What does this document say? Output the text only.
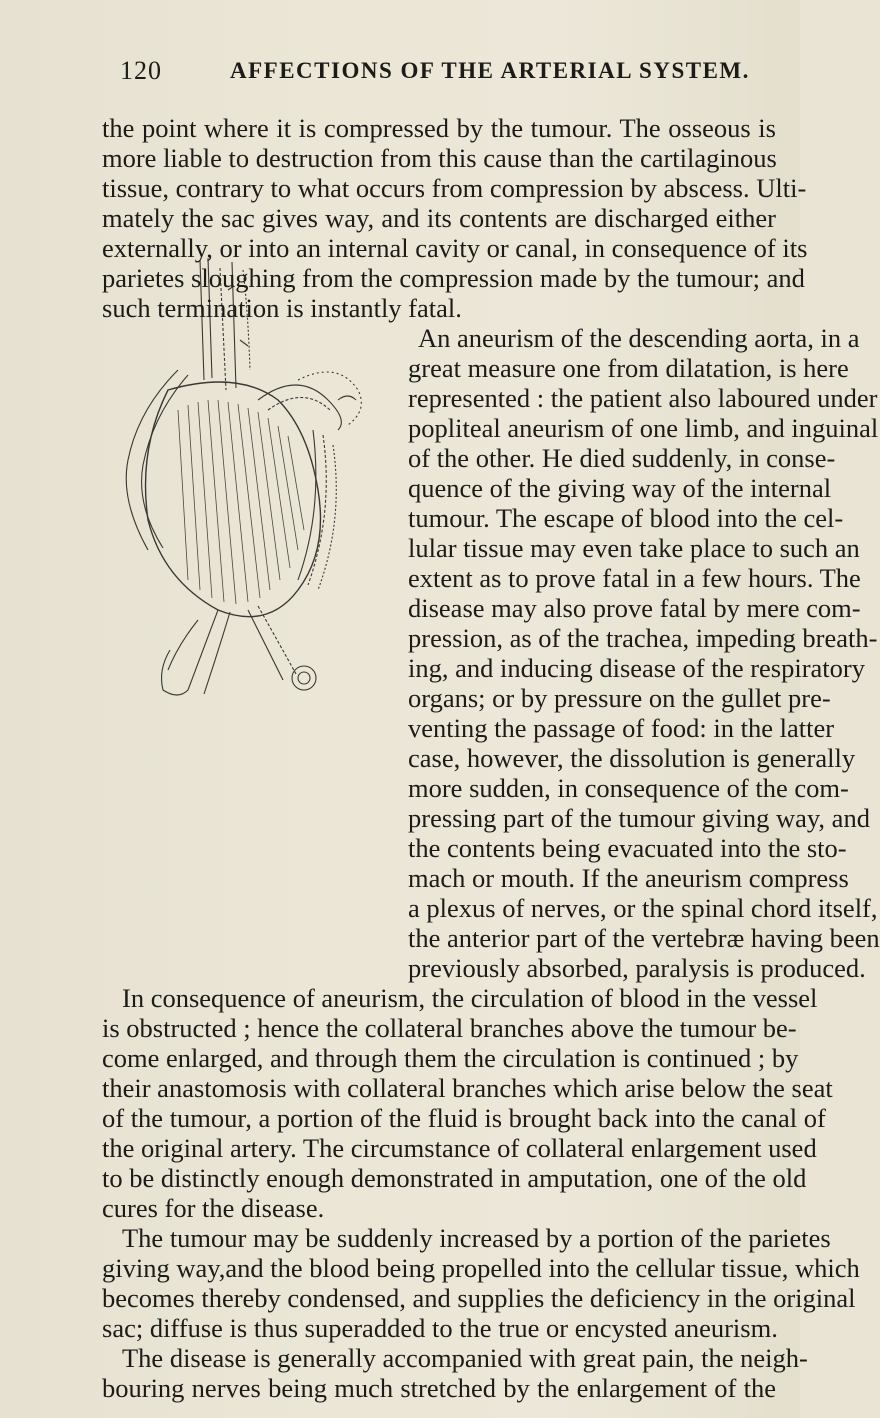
120	AFFECTIONS OF THE ARTERIAL SYSTEM.
the point where it is compressed by the tumour. The osseous is
more liable to destruction from this cause than the cartilaginous
tissue, contrary to what occurs from compression by abscess. Ulti-
mately the sac gives way, and its contents are discharged either
externally, or into an internal cavity or canal, in consequence of its
parietes sloughing from the compression made by the tumour; and
such termination is instantly fatal.
An aneurism of the descending aorta, in a
great measure one from dilatation, is here
represented : the patient also laboured under
popliteal aneurism of one limb, and inguinal
of the other. He died suddenly, in conse-
quence of the giving way of the internal
tumour. The escape of blood into the cel-
lular tissue may even take place to such an
extent as to prove fatal in a few hours. The
disease may also prove fatal by mere com-
pression, as of the trachea, impeding breath-
ing, and inducing disease of the respiratory
organs; or by pressure on the gullet pre-
venting the passage of food: in the latter
case, however, the dissolution is generally
more sudden, in consequence of the com-
pressing part of the tumour giving way, and
the contents being evacuated into the sto-
mach or mouth. If the aneurism compress
a plexus of nerves, or the spinal chord itself,
the anterior part of the vertebræ having been
previously absorbed, paralysis is produced.
In consequence of aneurism, the circulation of blood in the vessel
is obstructed ; hence the collateral branches above the tumour be-
come enlarged, and through them the circulation is continued ; by
their anastomosis with collateral branches which arise below the seat
of the tumour, a portion of the fluid is brought back into the canal of
the original artery. The circumstance of collateral enlargement used
to be distinctly enough demonstrated in amputation, one of the old
cures for the disease.
The tumour may be suddenly increased by a portion of the parietes
giving way,and the blood being propelled into the cellular tissue, which
becomes thereby condensed, and supplies the deficiency in the original
sac; diffuse is thus superadded to the true or encysted aneurism.
The disease is generally accompanied with great pain, the neigh-
bouring nerves being much stretched by the enlargement of the
